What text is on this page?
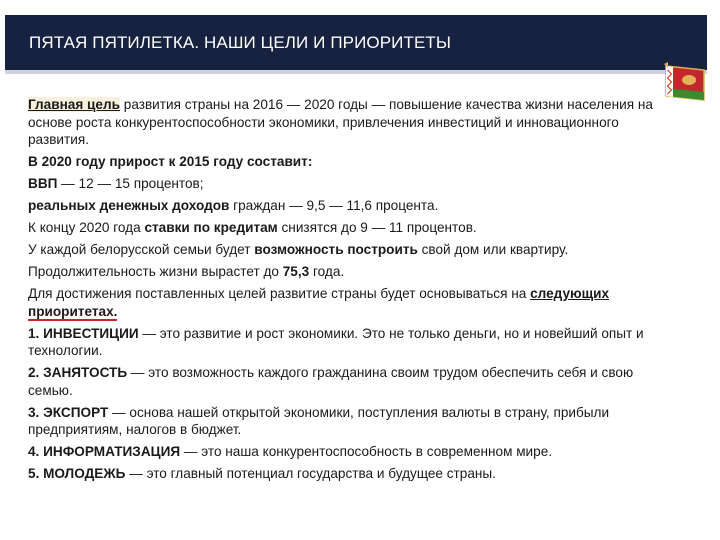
ПЯТАЯ ПЯТИЛЕТКА. НАШИ ЦЕЛИ И ПРИОРИТЕТЫ

Главная цель развития страны на 2016 — 2020 годы — повышение качества жизни населения на основе роста конкурентоспособности экономики, привлечения инвестиций и инновационного развития.

В 2020 году прирост к 2015 году составит:

ВВП — 12 — 15 процентов;

реальных денежных доходов граждан — 9,5 — 11,6 процента.

К концу 2020 года ставки по кредитам снизятся до 9 — 11 процентов.

У каждой белорусской семьи будет возможность построить свой дом или квартиру.

Продолжительность жизни вырастет до 75,3 года.

Для достижения поставленных целей развитие страны будет основываться на следующих приоритетах.

1. ИНВЕСТИЦИИ — это развитие и рост экономики. Это не только деньги, но и новейший опыт и технологии.

2. ЗАНЯТОСТЬ — это возможность каждого гражданина своим трудом обеспечить себя и свою семью.

3. ЭКСПОРТ — основа нашей открытой экономики, поступления валюты в страну, прибыли предприятиям, налогов в бюджет.

4. ИНФОРМАТИЗАЦИЯ — это наша конкурентоспособность в современном мире.

5. МОЛОДЕЖЬ — это главный потенциал государства и будущее страны.
